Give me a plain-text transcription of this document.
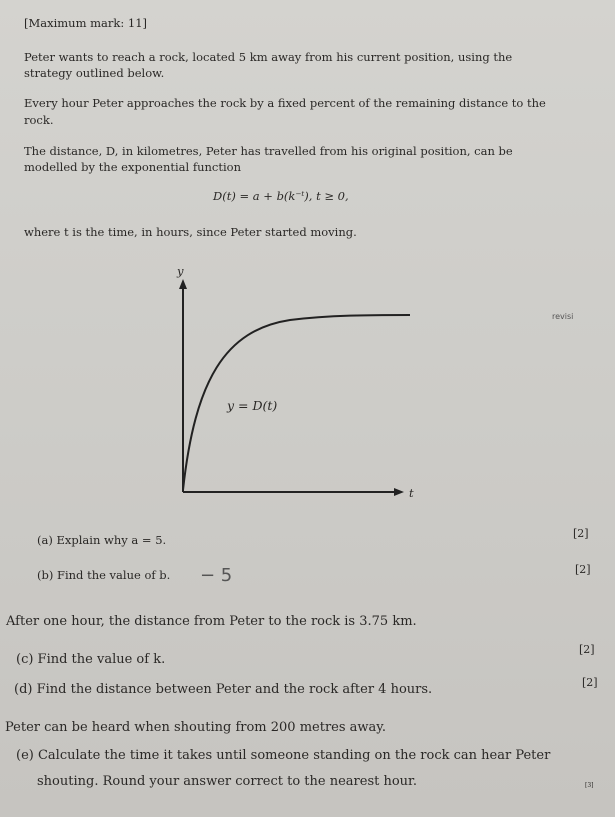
[Maximum mark: 11]
Peter wants to reach a rock, located 5 km away from his current position, using the
strategy outlined below.
Every hour Peter approaches the rock by a fixed percent of the remaining distance to the
rock.
The distance, D, in kilometres, Peter has travelled from his original position, can be
modelled by the exponential function
D(t) = a + b(k⁻ᵗ), t ≥ 0,
where t is the time, in hours, since Peter started moving.
y
t
y = D(t)
revisi
(a) Explain why a = 5.	[2]
(b) Find the value of b. − 5	[2]
After one hour, the distance from Peter to the rock is 3.75 km.
(c) Find the value of k.
[2]
(d) Find the distance between Peter and the rock after 4 hours.	[2]
Peter can be heard when shouting from 200 metres away.
(e) Calculate the time it takes until someone standing on the rock can hear Peter
shouting. Round your answer correct to the nearest hour.	[3]
